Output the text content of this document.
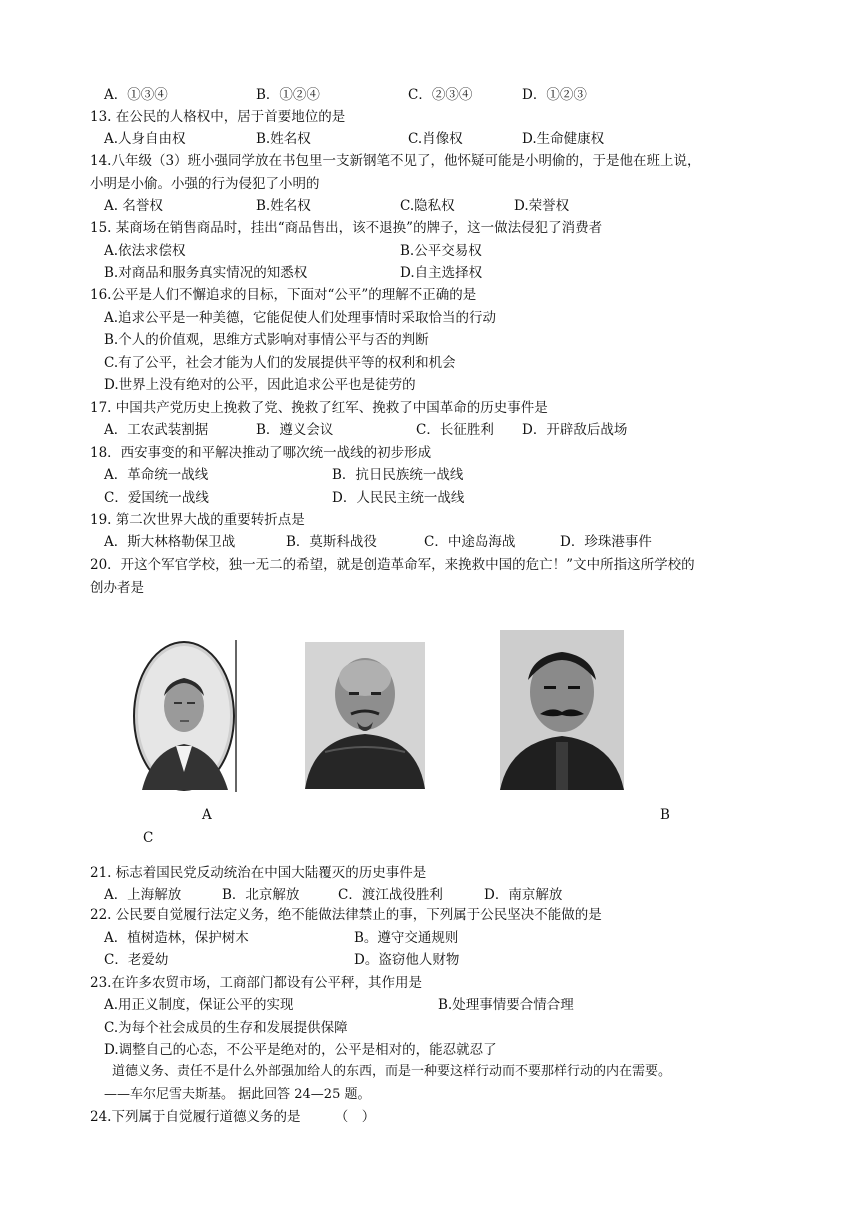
A．①③④	B．①②④	C．②③④	D．①②③
13. 在公民的人格权中，居于首要地位的是
A.人身自由权	B.姓名权	C.肖像权	D.生命健康权
14.八年级（3）班小强同学放在书包里一支新钢笔不见了，他怀疑可能是小明偷的，于是他在班上说，
小明是小偷。小强的行为侵犯了小明的
A. 名誉权	B.姓名权	C.隐私权	D.荣誉权
15. 某商场在销售商品时，挂出“商品售出，该不退换”的牌子，这一做法侵犯了消费者
A.依法求偿权	B.公平交易权
B.对商品和服务真实情况的知悉权	D.自主选择权
16.公平是人们不懈追求的目标，下面对“公平”的理解不正确的是
A.追求公平是一种美德，它能促使人们处理事情时采取恰当的行动
B.个人的价值观，思维方式影响对事情公平与否的判断
C.有了公平，社会才能为人们的发展提供平等的权利和机会
D.世界上没有绝对的公平，因此追求公平也是徒劳的
17. 中国共产党历史上挽救了党、挽救了红军、挽救了中国革命的历史事件是
A．工农武装割据	B．遵义会议	C．长征胜利 D．开辟敌后战场
18．西安事变的和平解决推动了哪次统一战线的初步形成
A．革命统一战线	B．抗日民族统一战线
C．爱国统一战线	D．人民民主统一战线
19. 第二次世界大战的重要转折点是
A．斯大林格勒保卫战	B．莫斯科战役	C．中途岛海战	D．珍珠港事件
20．开这个军官学校，独一无二的希望，就是创造革命军，来挽救中国的危亡！”文中所指这所学校的
创办者是
A	B
C
21. 标志着国民党反动统治在中国大陆覆灭的历史事件是
A．上海解放	B．北京解放	C．渡江战役胜利	D．南京解放
22. 公民要自觉履行法定义务，绝不能做法律禁止的事，下列属于公民坚决不能做的是
A．植树造林，保护树木	B。遵守交通规则
C．老爱幼	D。盗窃他人财物
23.在许多农贸市场，工商部门都设有公平秤，其作用是
A.用正义制度，保证公平的实现	B.处理事情要合情合理
C.为每个社会成员的生存和发展提供保障
D.调整自己的心态，不公平是绝对的，公平是相对的，能忍就忍了
道德义务、责任不是什么外部强加给人的东西，而是一种要这样行动而不要那样行动的内在需要。
——车尔尼雪夫斯基。 据此回答 24—25 题。
24.下列属于自觉履行道德义务的是	（　）
